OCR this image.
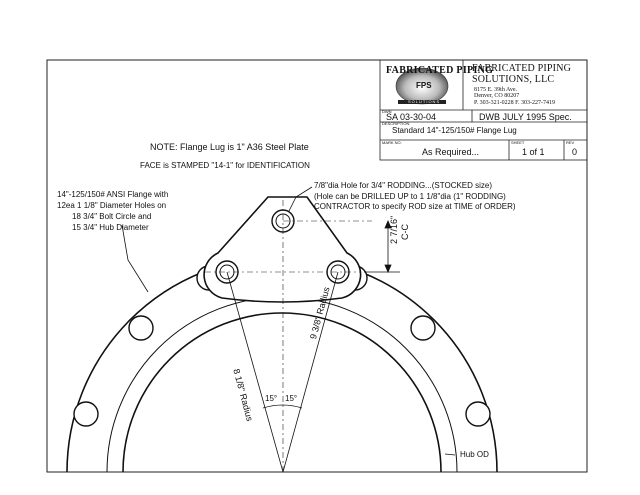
FABRICATED PIPING
FPS
SOLUTIONS
FABRICATED PIPING
SOLUTIONS, LLC
8175 E. 39th Ave.
Denver, CO 80207
P. 303-321-0228 F. 303-227-7419
DWN
SA 03-30-04	DWB JULY 1995 Spec.
DESCRIPTION
Standard 14"-125/150# Flange Lug
MARK NO.
As Required...
SHEET
1 of 1
REV
0
NOTE: Flange Lug is 1" A36 Steel Plate
FACE is STAMPED "14-1" for IDENTIFICATION
14"-125/150# ANSI Flange with
12ea 1 1/8" Diameter Holes on
18 3/4" Bolt Circle and
15 3/4" Hub Diameter
7/8"dia Hole for 3/4" RODDING...(STOCKED size)
(Hole can be DRILLED UP to 1 1/8"dia (1" RODDING)
CONTRACTOR to specify ROD size at TIME of ORDER)
2 7/16" C-C
8 1/8" Radius
9 3/8" Radius
15° 15°
Hub OD
